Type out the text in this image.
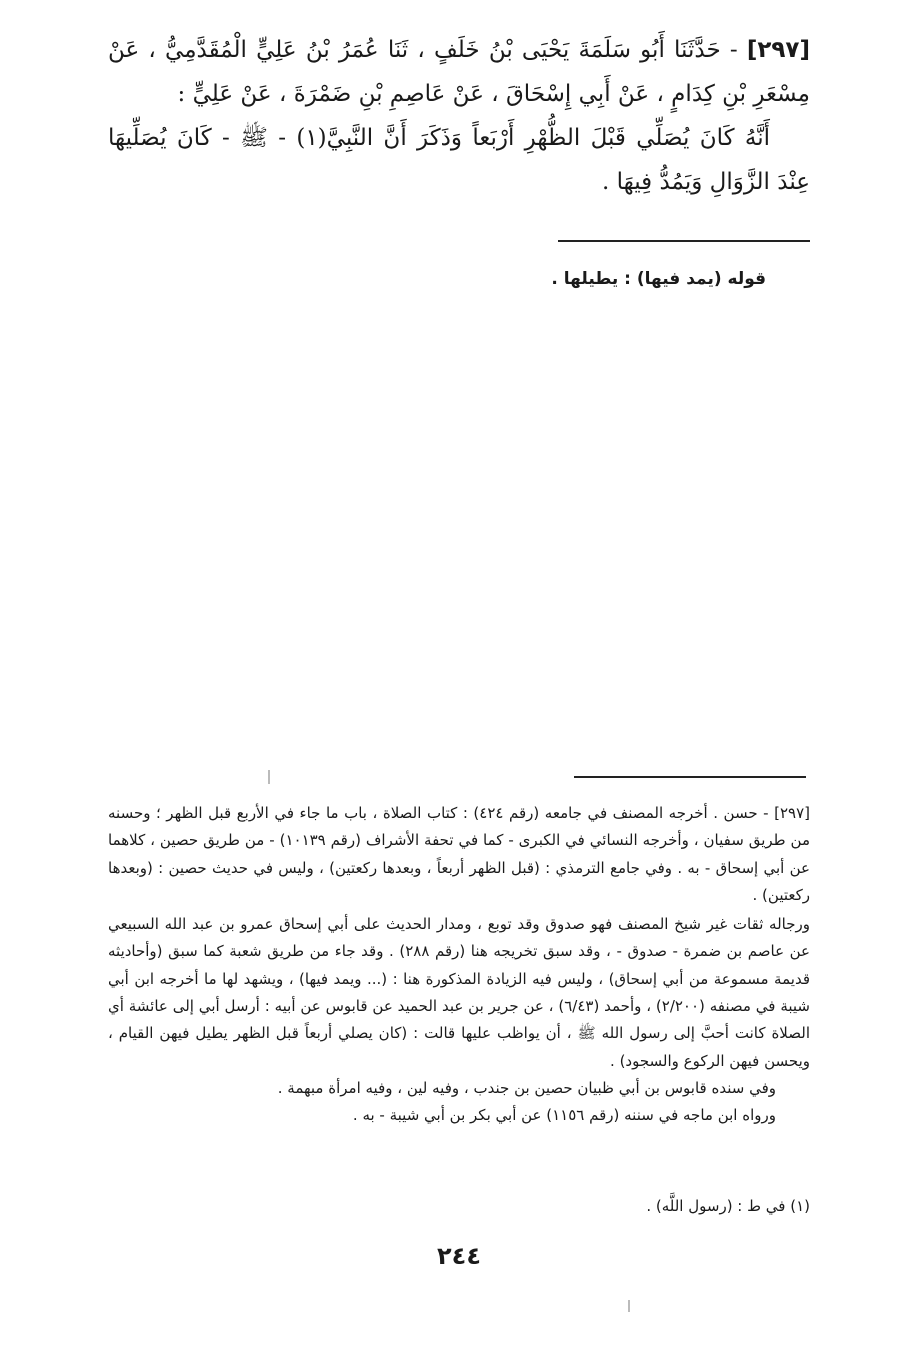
[٢٩٧] - حَدَّثَنَا أَبُو سَلَمَةَ يَحْيَى بْنُ خَلَفٍ ، ثَنَا عُمَرُ بْنُ عَلِيٍّ الْمُقَدَّمِيُّ ، عَنْ مِسْعَرِ بْنِ كِدَامٍ ، عَنْ أَبِي إِسْحَاقَ ، عَنْ عَاصِمِ بْنِ ضَمْرَةَ ، عَنْ عَلِيٍّ :

أَنَّهُ كَانَ يُصَلِّي قَبْلَ الظُّهْرِ أَرْبَعاً وَذَكَرَ أَنَّ النَّبِيَّ(١) - ﷺ - كَانَ يُصَلِّيهَا عِنْدَ الزَّوَالِ وَيَمُدُّ فِيهَا .

قوله (يمد فيها) : يطيلها .

[٢٩٧] - حسن . أخرجه المصنف في جامعه (رقم ٤٢٤) : كتاب الصلاة ، باب ما جاء في الأربع قبل الظهر ؛ وحسنه من طريق سفيان ، وأخرجه النسائي في الكبرى - كما في تحفة الأشراف (رقم ١٠١٣٩) - من طريق حصين ، كلاهما عن أبي إسحاق - به . وفي جامع الترمذي : (قبل الظهر أربعاً ، وبعدها ركعتين) ، وليس في حديث حصين : (وبعدها ركعتين) .

ورجاله ثقات غير شيخ المصنف فهو صدوق وقد توبع ، ومدار الحديث على أبي إسحاق عمرو بن عبد الله السبيعي عن عاصم بن ضمرة - صدوق - ، وقد سبق تخريجه هنا (رقم ٢٨٨) . وقد جاء من طريق شعبة كما سبق (وأحاديثه قديمة مسموعة من أبي إسحاق) ، وليس فيه الزيادة المذكورة هنا : (... ويمد فيها) ، ويشهد لها ما أخرجه ابن أبي شيبة في مصنفه (٢/٢٠٠) ، وأحمد (٦/٤٣) ، عن جرير بن عبد الحميد عن قابوس عن أبيه : أرسل أبي إلى عائشة أي الصلاة كانت أحبَّ إلى رسول الله ﷺ ، أن يواظب عليها قالت : (كان يصلي أربعاً قبل الظهر يطيل فيهن القيام ، ويحسن فيهن الركوع والسجود) .

وفي سنده قابوس بن أبي ظبيان حصين بن جندب ، وفيه لين ، وفيه امرأة مبهمة .

ورواه ابن ماجه في سننه (رقم ١١٥٦) عن أبي بكر بن أبي شيبة - به .

(١) في ط : (رسول اللَّه) .
٢٤٤
